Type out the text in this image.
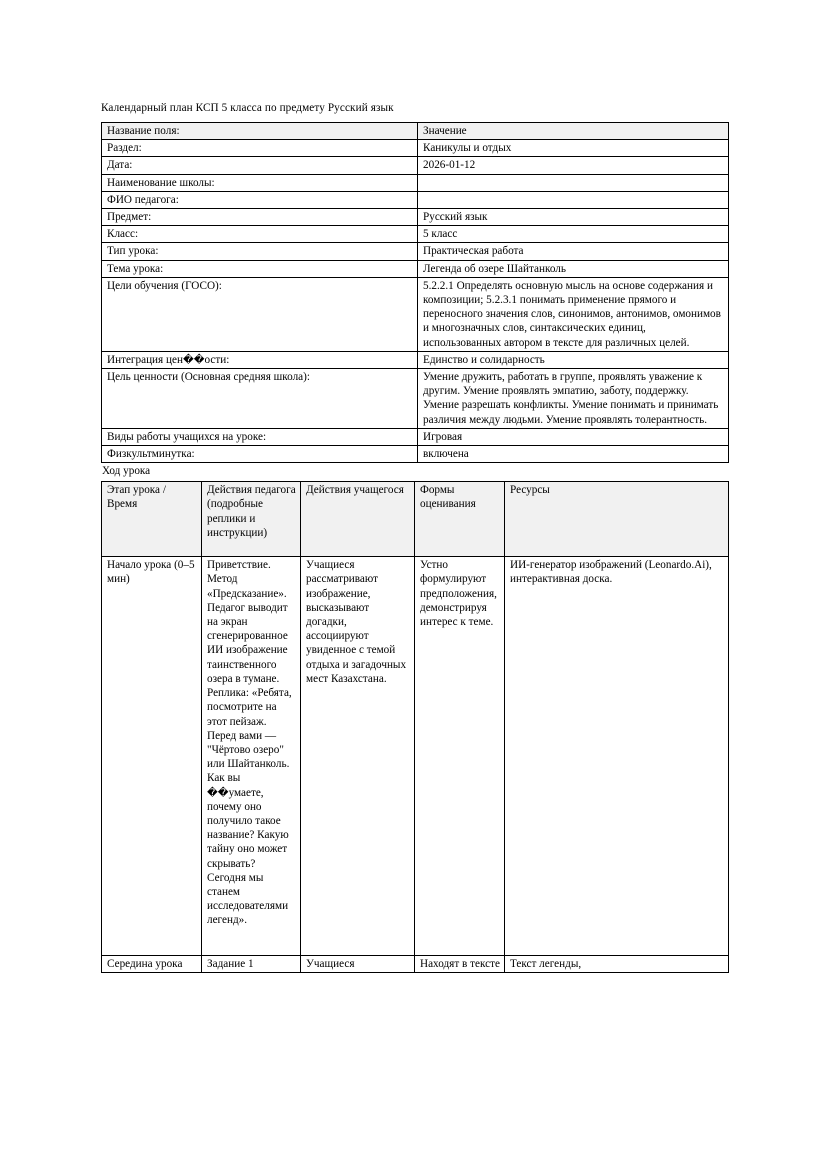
Календарный план КСП 5 класса по предмету Русский язык
Название поля:	Значение
Раздел:	Каникулы и отдых
Дата:	2026-01-12
Наименование школы:	
ФИО педагога:	
Предмет:	Русский язык
Класс:	5 класс
Тип урока:	Практическая работа
Тема урока:	Легенда об озере Шайтанколь
Цели обучения (ГОСО):	5.2.2.1 Определять основную мысль на основе содержания и композиции; 5.2.3.1 понимать применение прямого и переносного значения слов, синонимов, антонимов, омонимов и многозначных слов, синтаксических единиц, использованных автором в тексте для различных целей.
Интеграция цен��ости:	Единство и солидарность
Цель ценности (Основная средняя школа):	Умение дружить, работать в группе, проявлять уважение к другим. Умение проявлять эмпатию, заботу, поддержку. Умение разрешать конфликты. Умение понимать и принимать различия между людьми. Умение проявлять толерантность.
Виды работы учащихся на уроке:	Игровая
Физкультминутка:	включена
Ход урока
Этап урока / Время	Действия педагога (подробные реплики и инструкции)	Действия учащегося	Формы оценивания	Ресурсы
Начало урока (0–5 мин)	Приветствие. Метод «Предсказание». Педагог выводит на экран сгенерированное ИИ изображение таинственного озера в тумане. Реплика: «Ребята, посмотрите на этот пейзаж. Перед вами — "Чёртово озеро" или Шайтанколь. Как вы ��умаете, почему оно получило такое название? Какую тайну оно может скрывать? Сегодня мы станем исследователями легенд».	Учащиеся рассматривают изображение, высказывают догадки, ассоциируют увиденное с темой отдыха и загадочных мест Казахстана.	Устно формулируют предположения, демонстрируя интерес к теме.	ИИ-генератор изображений (Leonardo.Ai), интерактивная доска.
Середина урока	Задание 1	Учащиеся	Находят в тексте	Текст легенды,
